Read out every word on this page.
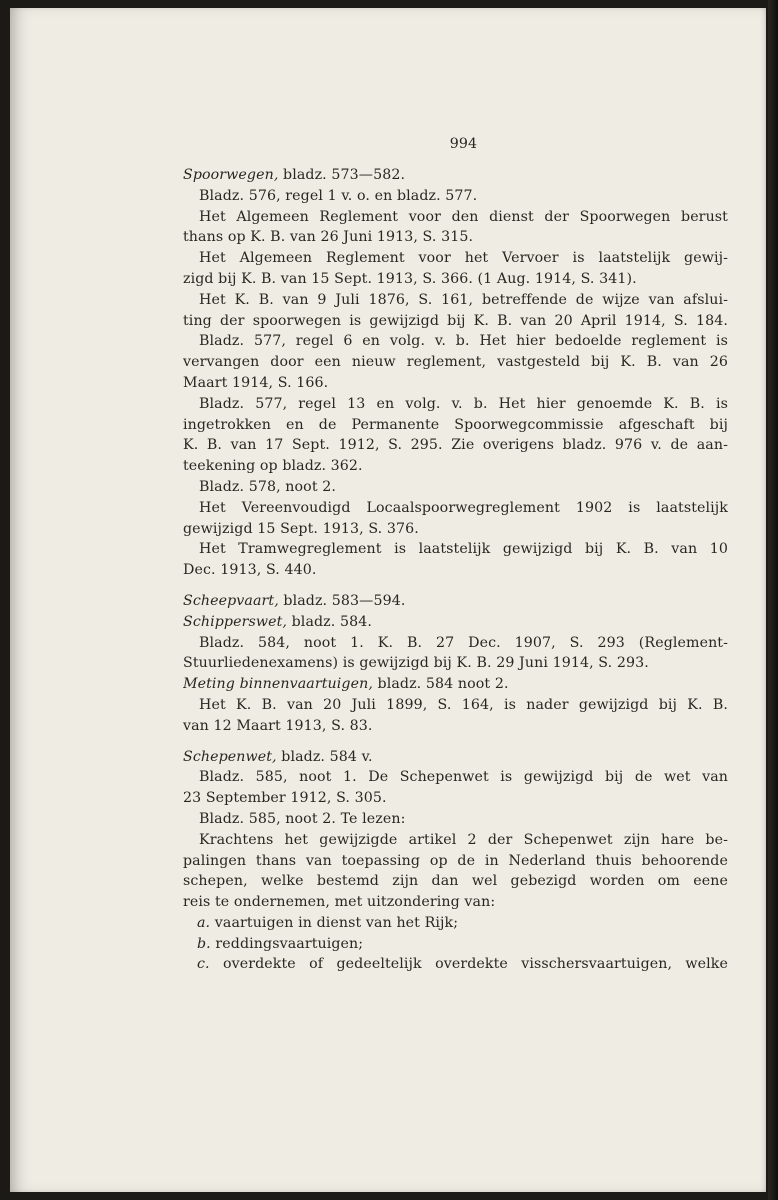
994
Spoorwegen, bladz. 573—582.
Bladz. 576, regel 1 v. o. en bladz. 577.
Het Algemeen Reglement voor den dienst der Spoorwegen berust
thans op K. B. van 26 Juni 1913, S. 315.
Het Algemeen Reglement voor het Vervoer is laatstelijk gewij-
zigd bij K. B. van 15 Sept. 1913, S. 366. (1 Aug. 1914, S. 341).
Het K. B. van 9 Juli 1876, S. 161, betreffende de wijze van afslui-
ting der spoorwegen is gewijzigd bij K. B. van 20 April 1914, S. 184.
Bladz. 577, regel 6 en volg. v. b. Het hier bedoelde reglement is
vervangen door een nieuw reglement, vastgesteld bij K. B. van 26
Maart 1914, S. 166.
Bladz. 577, regel 13 en volg. v. b. Het hier genoemde K. B. is
ingetrokken en de Permanente Spoorwegcommissie afgeschaft bij
K. B. van 17 Sept. 1912, S. 295. Zie overigens bladz. 976 v. de aan-
teekening op bladz. 362.
Bladz. 578, noot 2.
Het Vereenvoudigd Locaalspoorwegreglement 1902 is laatstelijk
gewijzigd 15 Sept. 1913, S. 376.
Het Tramwegreglement is laatstelijk gewijzigd bij K. B. van 10
Dec. 1913, S. 440.
Scheepvaart, bladz. 583—594.
Schipperswet, bladz. 584.
Bladz. 584, noot 1. K. B. 27 Dec. 1907, S. 293 (Reglement-
Stuurliedenexamens) is gewijzigd bij K. B. 29 Juni 1914, S. 293.
Meting binnenvaartuigen, bladz. 584 noot 2.
Het K. B. van 20 Juli 1899, S. 164, is nader gewijzigd bij K. B.
van 12 Maart 1913, S. 83.
Schepenwet, bladz. 584 v.
Bladz. 585, noot 1. De Schepenwet is gewijzigd bij de wet van
23 September 1912, S. 305.
Bladz. 585, noot 2. Te lezen:
Krachtens het gewijzigde artikel 2 der Schepenwet zijn hare be-
palingen thans van toepassing op de in Nederland thuis behoorende
schepen, welke bestemd zijn dan wel gebezigd worden om eene
reis te ondernemen, met uitzondering van:
a. vaartuigen in dienst van het Rijk;
b. reddingsvaartuigen;
c. overdekte of gedeeltelijk overdekte visschersvaartuigen, welke
